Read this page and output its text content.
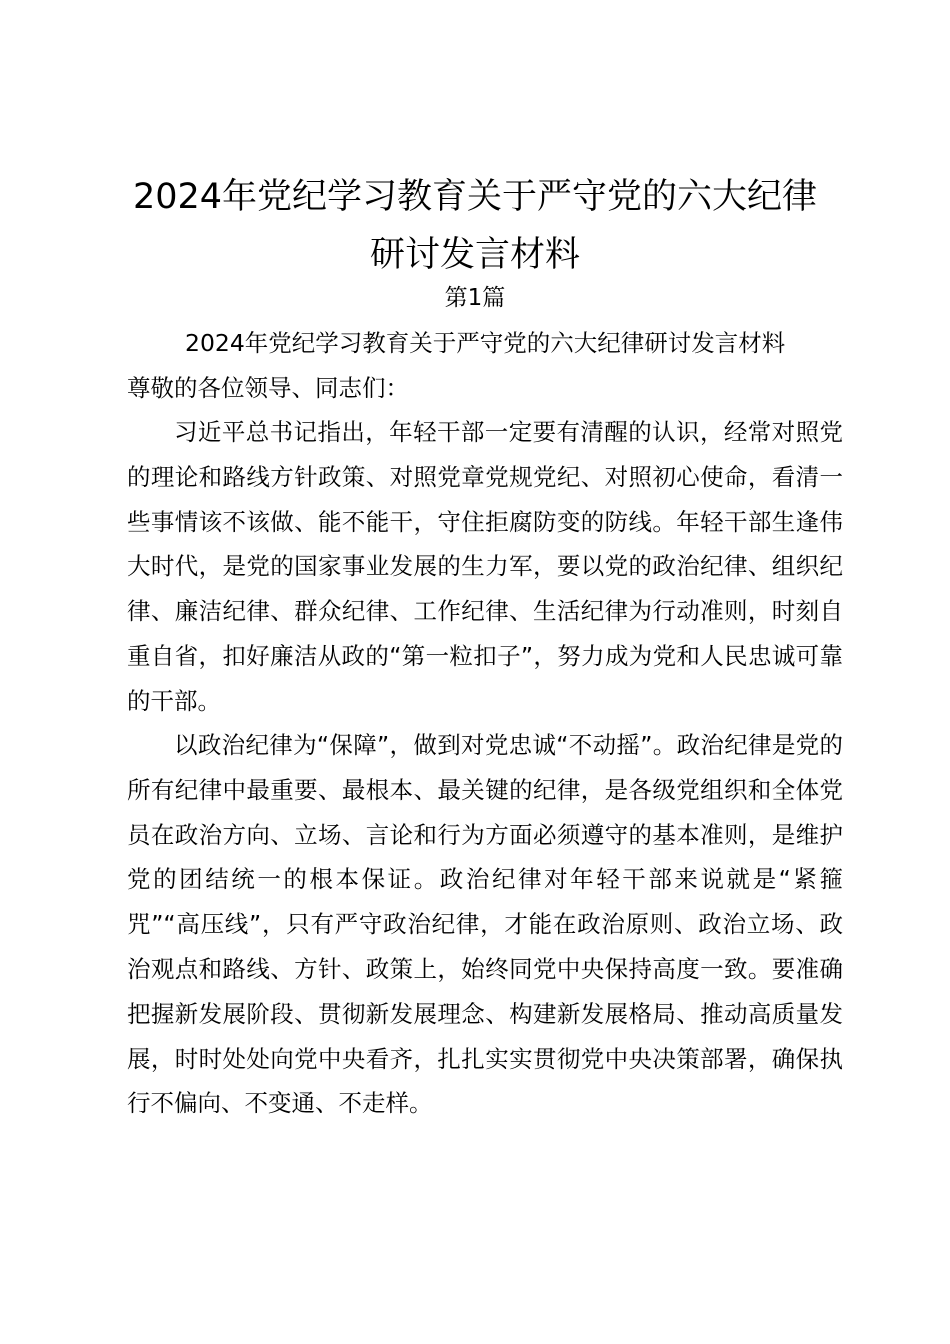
2024年党纪学习教育关于严守党的六大纪律
研讨发言材料
第1篇
2024年党纪学习教育关于严守党的六大纪律研讨发言材料
尊敬的各位领导、同志们：
习近平总书记指出，年轻干部一定要有清醒的认识，经常对照党的理论和路线方针政策、对照党章党规党纪、对照初心使命，看清一些事情该不该做、能不能干，守住拒腐防变的防线。年轻干部生逢伟大时代，是党的国家事业发展的生力军，要以党的政治纪律、组织纪律、廉洁纪律、群众纪律、工作纪律、生活纪律为行动准则，时刻自重自省，扣好廉洁从政的“第一粒扣子”，努力成为党和人民忠诚可靠的干部。
以政治纪律为“保障”，做到对党忠诚“不动摇”。政治纪律是党的所有纪律中最重要、最根本、最关键的纪律，是各级党组织和全体党员在政治方向、立场、言论和行为方面必须遵守的基本准则，是维护党的团结统一的根本保证。政治纪律对年轻干部来说就是“紧箍咒”“高压线”，只有严守政治纪律，才能在政治原则、政治立场、政治观点和路线、方针、政策上，始终同党中央保持高度一致。要准确把握新发展阶段、贯彻新发展理念、构建新发展格局、推动高质量发展，时时处处向党中央看齐，扎扎实实贯彻党中央决策部署，确保执行不偏向、不变通、不走样。
